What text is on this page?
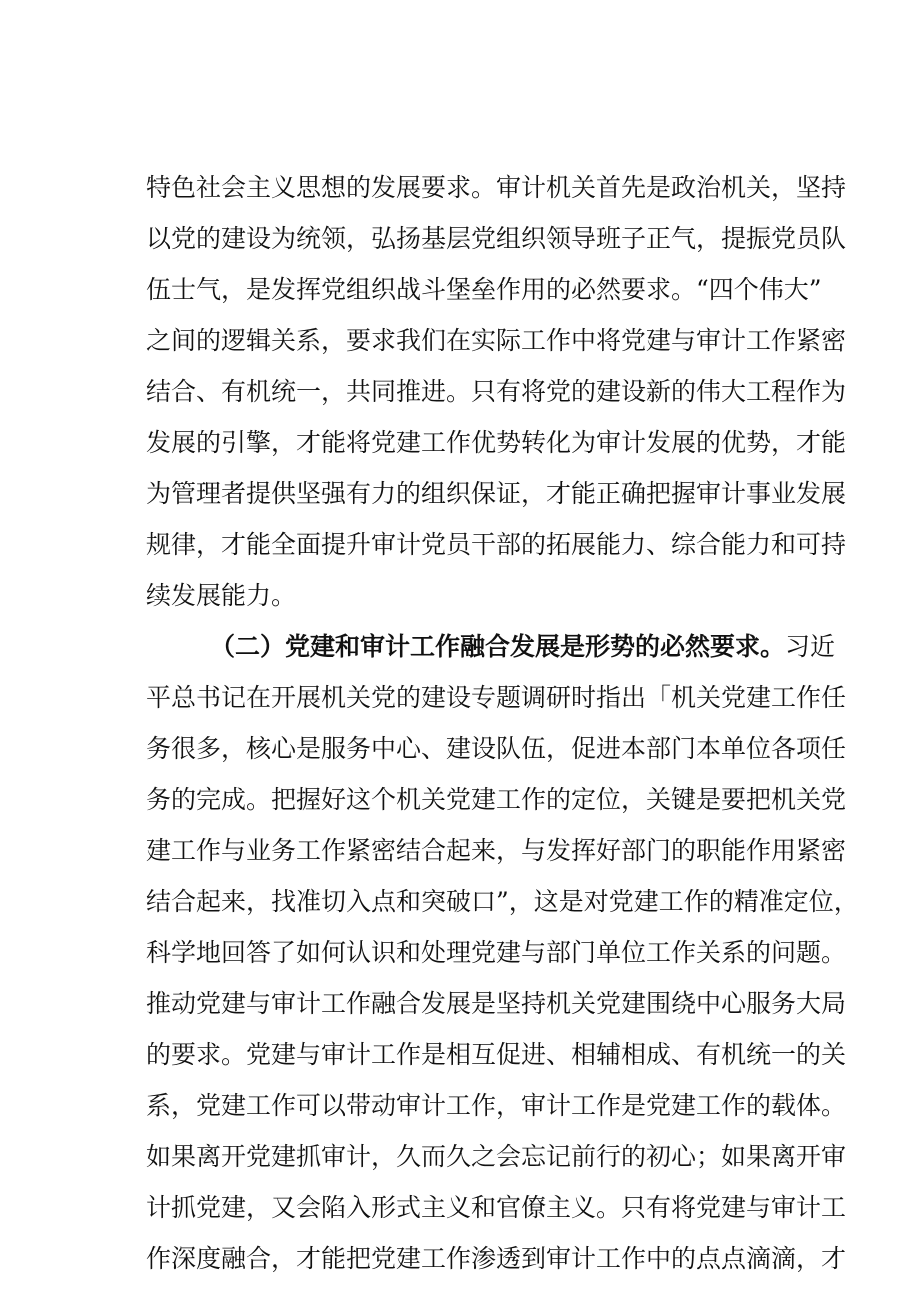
特色社会主义思想的发展要求。审计机关首先是政治机关，坚持
以党的建设为统领，弘扬基层党组织领导班子正气，提振党员队
伍士气，是发挥党组织战斗堡垒作用的必然要求。“四个伟大”
之间的逻辑关系，要求我们在实际工作中将党建与审计工作紧密
结合、有机统一，共同推进。只有将党的建设新的伟大工程作为
发展的引擎，才能将党建工作优势转化为审计发展的优势，才能
为管理者提供坚强有力的组织保证，才能正确把握审计事业发展
规律，才能全面提升审计党员干部的拓展能力、综合能力和可持
续发展能力。
（二）党建和审计工作融合发展是形势的必然要求。习近
平总书记在开展机关党的建设专题调研时指出「机关党建工作任
务很多，核心是服务中心、建设队伍，促进本部门本单位各项任
务的完成。把握好这个机关党建工作的定位，关键是要把机关党
建工作与业务工作紧密结合起来，与发挥好部门的职能作用紧密
结合起来，找准切入点和突破口”，这是对党建工作的精准定位，
科学地回答了如何认识和处理党建与部门单位工作关系的问题。
推动党建与审计工作融合发展是坚持机关党建围绕中心服务大局
的要求。党建与审计工作是相互促进、相辅相成、有机统一的关
系，党建工作可以带动审计工作，审计工作是党建工作的载体。
如果离开党建抓审计，久而久之会忘记前行的初心；如果离开审
计抓党建，又会陷入形式主义和官僚主义。只有将党建与审计工
作深度融合，才能把党建工作渗透到审计工作中的点点滴滴，才
